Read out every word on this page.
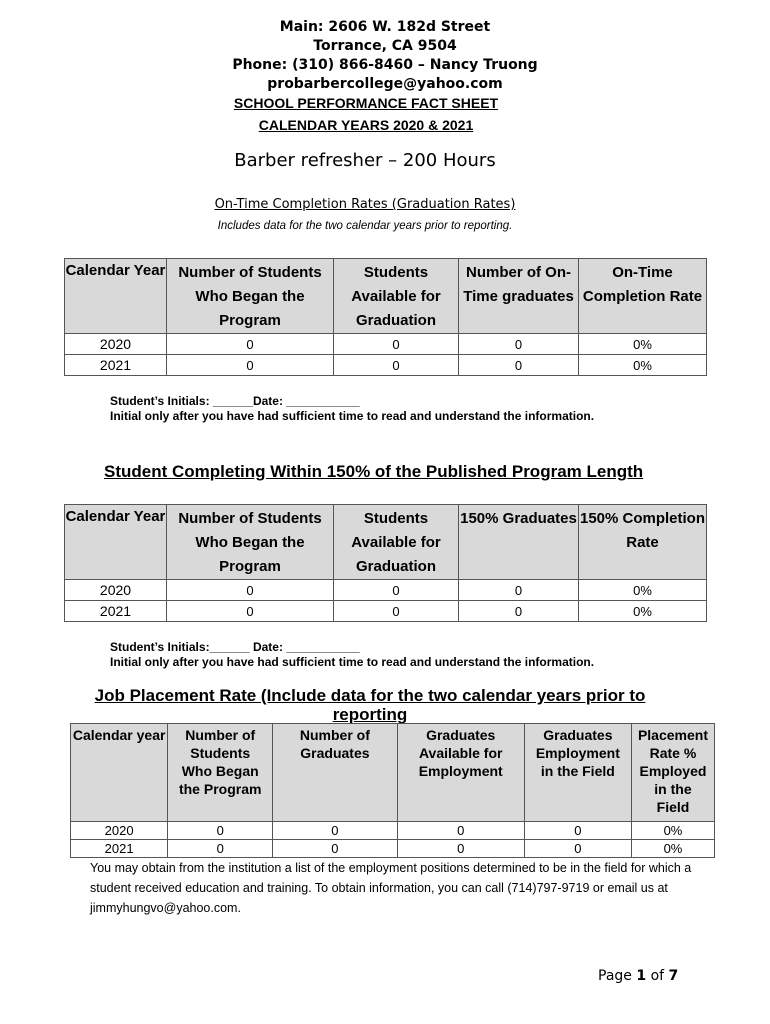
Main: 2606 W. 182d Street
Torrance, CA 9504
Phone: (310) 866-8460 – Nancy Truong
probarbercollege@yahoo.com
SCHOOL PERFORMANCE FACT SHEET
CALENDAR YEARS 2020 & 2021
Barber refresher – 200 Hours
On-Time Completion Rates (Graduation Rates)
Includes data for the two calendar years prior to reporting.
Calendar Year	Number of Students Who Began the Program	Students Available for Graduation	Number of On-Time graduates	On-Time Completion Rate
2020	0	0	0	0%
2021	0	0	0	0%
Student’s Initials: ______Date: ___________
Initial only after you have had sufficient time to read and understand the information.
Student Completing Within 150% of the Published Program Length
Calendar Year	Number of Students Who Began the Program	Students Available for Graduation	150% Graduates	150% Completion Rate
2020	0	0	0	0%
2021	0	0	0	0%
Student’s Initials:______ Date: ___________
Initial only after you have had sufficient time to read and understand the information.
Job Placement Rate (Include data for the two calendar years prior to reporting
Calendar year	Number of Students Who Began the Program	Number of Graduates	Graduates Available for Employment	Graduates Employment in the Field	Placement Rate % Employed in the Field
2020	0	0	0	0	0%
2021	0	0	0	0	0%
You may obtain from the institution a list of the employment positions determined to be in the field for which a student received education and training. To obtain information, you can call (714)797-9719 or email us at jimmyhungvo@yahoo.com.
Page 1 of 7
